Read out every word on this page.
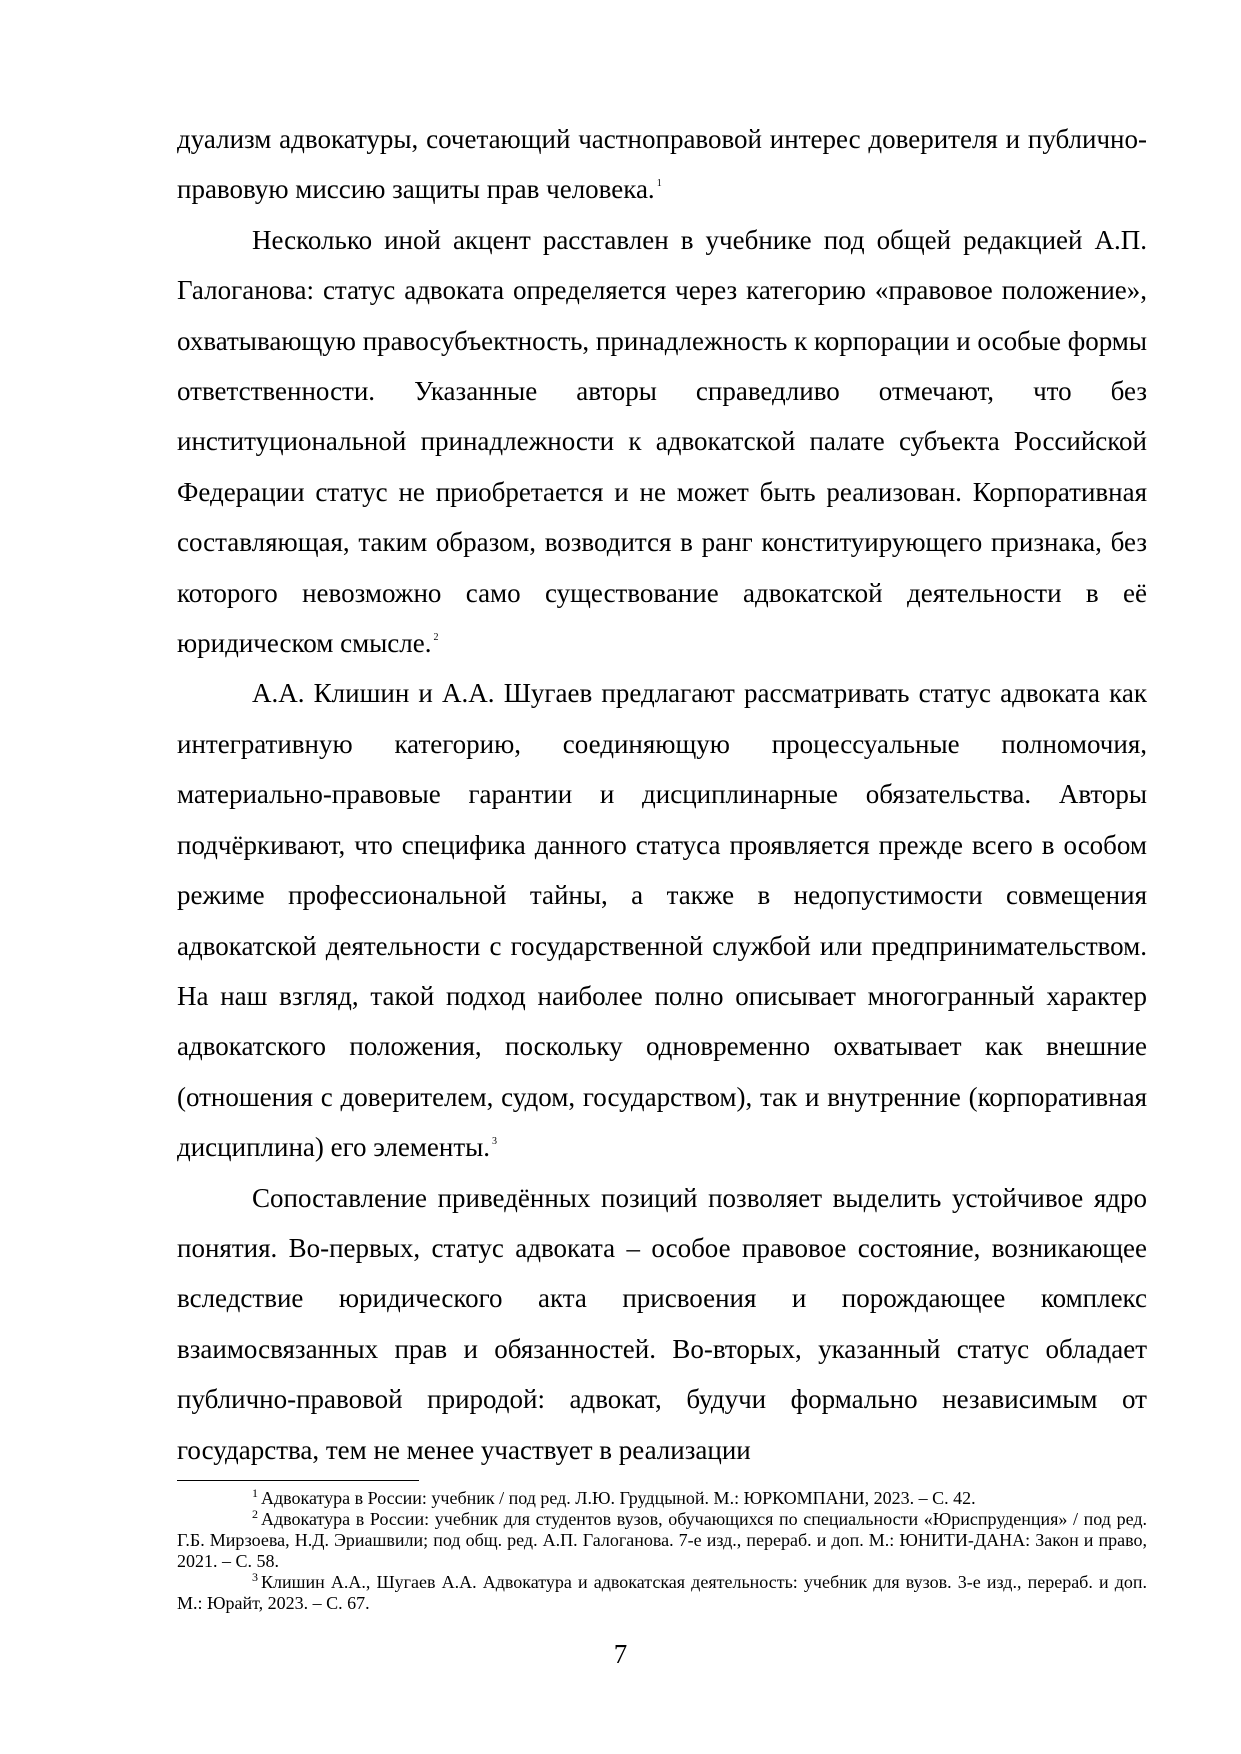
дуализм адвокатуры, сочетающий частноправовой интерес доверителя и публично-правовую миссию защиты прав человека. $^1$

Несколько иной акцент расставлен в учебнике под общей редакцией А.П. Галоганова: статус адвоката определяется через категорию «правовое положение», охватывающую правосубъектность, принадлежность к корпорации и особые формы ответственности. Указанные авторы справедливо отмечают, что без институциональной принадлежности к адвокатской палате субъекта Российской Федерации статус не приобретается и не может быть реализован. Корпоративная составляющая, таким образом, возводится в ранг конституирующего признака, без которого невозможно само существование адвокатской деятельности в её юридическом смысле. $^2$

А.А. Клишин и А.А. Шугаев предлагают рассматривать статус адвоката как интегративную категорию, соединяющую процессуальные полномочия, материально-правовые гарантии и дисциплинарные обязательства. Авторы подчёркивают, что специфика данного статуса проявляется прежде всего в особом режиме профессиональной тайны, а также в недопустимости совмещения адвокатской деятельности с государственной службой или предпринимательством. На наш взгляд, такой подход наиболее полно описывает многогранный характер адвокатского положения, поскольку одновременно охватывает как внешние (отношения с доверителем, судом, государством), так и внутренние (корпоративная дисциплина) его элементы. $^3$

Сопоставление приведённых позиций позволяет выделить устойчивое ядро понятия. Во-первых, статус адвоката – особое правовое состояние, возникающее вследствие юридического акта присвоения и порождающее комплекс взаимосвязанных прав и обязанностей. Во-вторых, указанный статус обладает публично-правовой природой: адвокат, будучи формально независимым от государства, тем не менее участвует в реализации

$^1$ Адвокатура в России: учебник / под ред. Л.Ю. Грудцыной. М.: ЮРКОМПАНИ, 2023. – С. 42.

$^2$ Адвокатура в России: учебник для студентов вузов, обучающихся по специальности «Юриспруденция» / под ред. Г.Б. Мирзоева, Н.Д. Эриашвили; под общ. ред. А.П. Галоганова. 7-е изд., перераб. и доп. М.: ЮНИТИ-ДАНА: Закон и право, 2021. – С. 58.

$^3$ Клишин А.А., Шугаев А.А. Адвокатура и адвокатская деятельность: учебник для вузов. 3-е изд., перераб. и доп. М.: Юрайт, 2023. – С. 67.

7
